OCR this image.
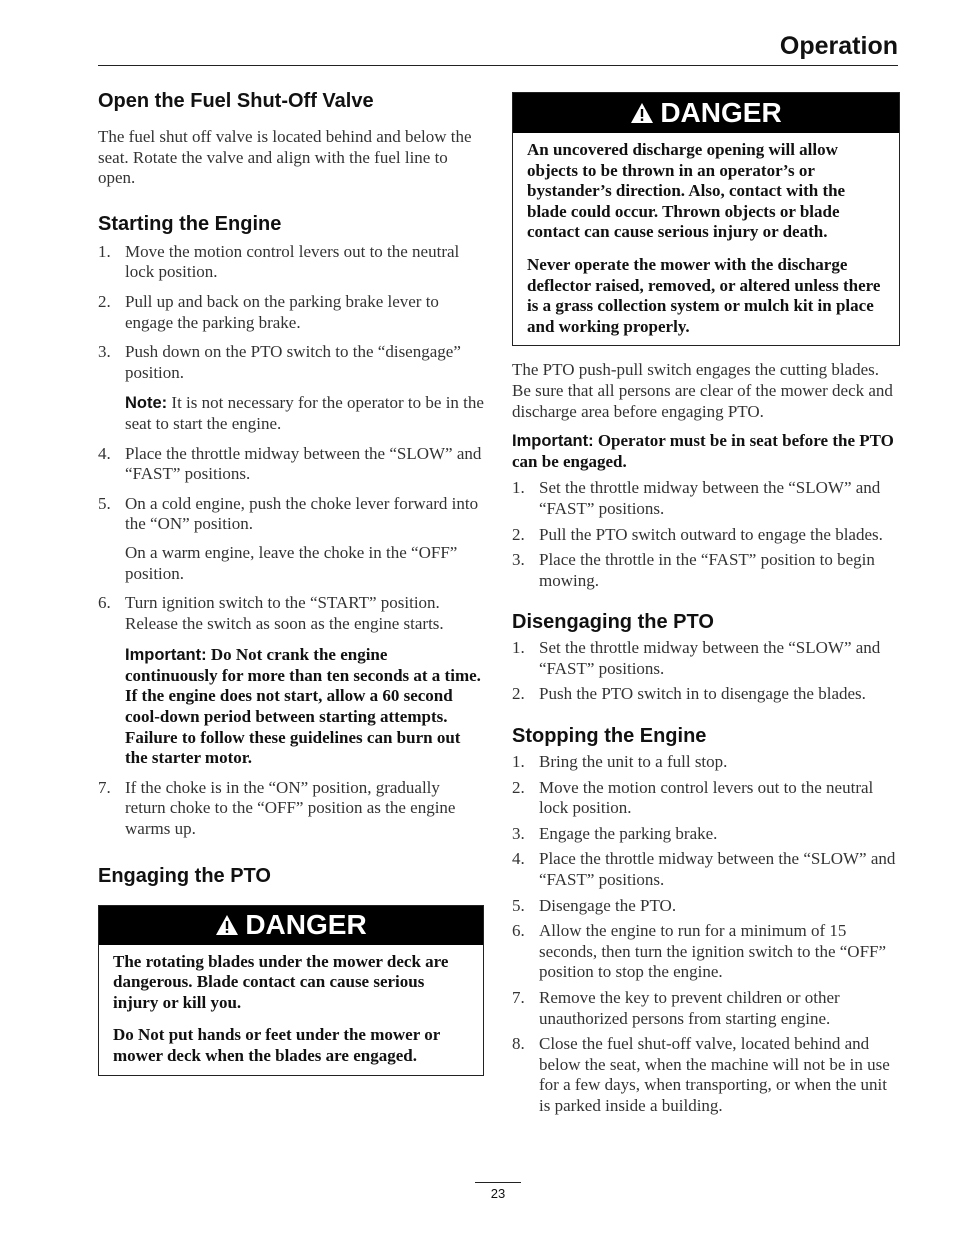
Operation
Open the Fuel Shut-Off Valve

The fuel shut off valve is located behind and below the seat. Rotate the valve and align with the fuel line to open.

Starting the Engine
1. Move the motion control levers out to the neutral lock position.
2. Pull up and back on the parking brake lever to engage the parking brake.
3. Push down on the PTO switch to the “disengage” position.

Note: It is not necessary for the operator to be in the seat to start the engine.

4. Place the throttle midway between the “SLOW” and “FAST” positions.
5. On a cold engine, push the choke lever forward into the “ON” position.

On a warm engine, leave the choke in the “OFF” position.

6. Turn ignition switch to the “START” position. Release the switch as soon as the engine starts.

Important: Do Not crank the engine continuously for more than ten seconds at a time. If the engine does not start, allow a 60 second cool-down period between starting attempts. Failure to follow these guidelines can burn out the starter motor.

7. If the choke is in the “ON” position, gradually return choke to the “OFF” position as the engine warms up.
Engaging the PTO
DANGER

The rotating blades under the mower deck are dangerous. Blade contact can cause serious injury or kill you.

Do Not put hands or feet under the mower or mower deck when the blades are engaged.

DANGER

An uncovered discharge opening will allow objects to be thrown in an operator’s or bystander’s direction. Also, contact with the blade could occur. Thrown objects or blade contact can cause serious injury or death.

Never operate the mower with the discharge deflector raised, removed, or altered unless there is a grass collection system or mulch kit in place and working properly.

The PTO push-pull switch engages the cutting blades. Be sure that all persons are clear of the mower deck and discharge area before engaging PTO.

Important: Operator must be in seat before the PTO can be engaged.

1. Set the throttle midway between the “SLOW” and “FAST” positions.
2. Pull the PTO switch outward to engage the blades.
3. Place the throttle in the “FAST” position to begin mowing.
Disengaging the PTO
1. Set the throttle midway between the “SLOW” and “FAST” positions.
2. Push the PTO switch in to disengage the blades.
Stopping the Engine
1. Bring the unit to a full stop.
2. Move the motion control levers out to the neutral lock position.
3. Engage the parking brake.
4. Place the throttle midway between the “SLOW” and “FAST” positions.
5. Disengage the PTO.
6. Allow the engine to run for a minimum of 15 seconds, then turn the ignition switch to the “OFF” position to stop the engine.
7. Remove the key to prevent children or other unauthorized persons from starting engine.
8. Close the fuel shut-off valve, located behind and below the seat, when the machine will not be in use for a few days, when transporting, or when the unit is parked inside a building.
23
